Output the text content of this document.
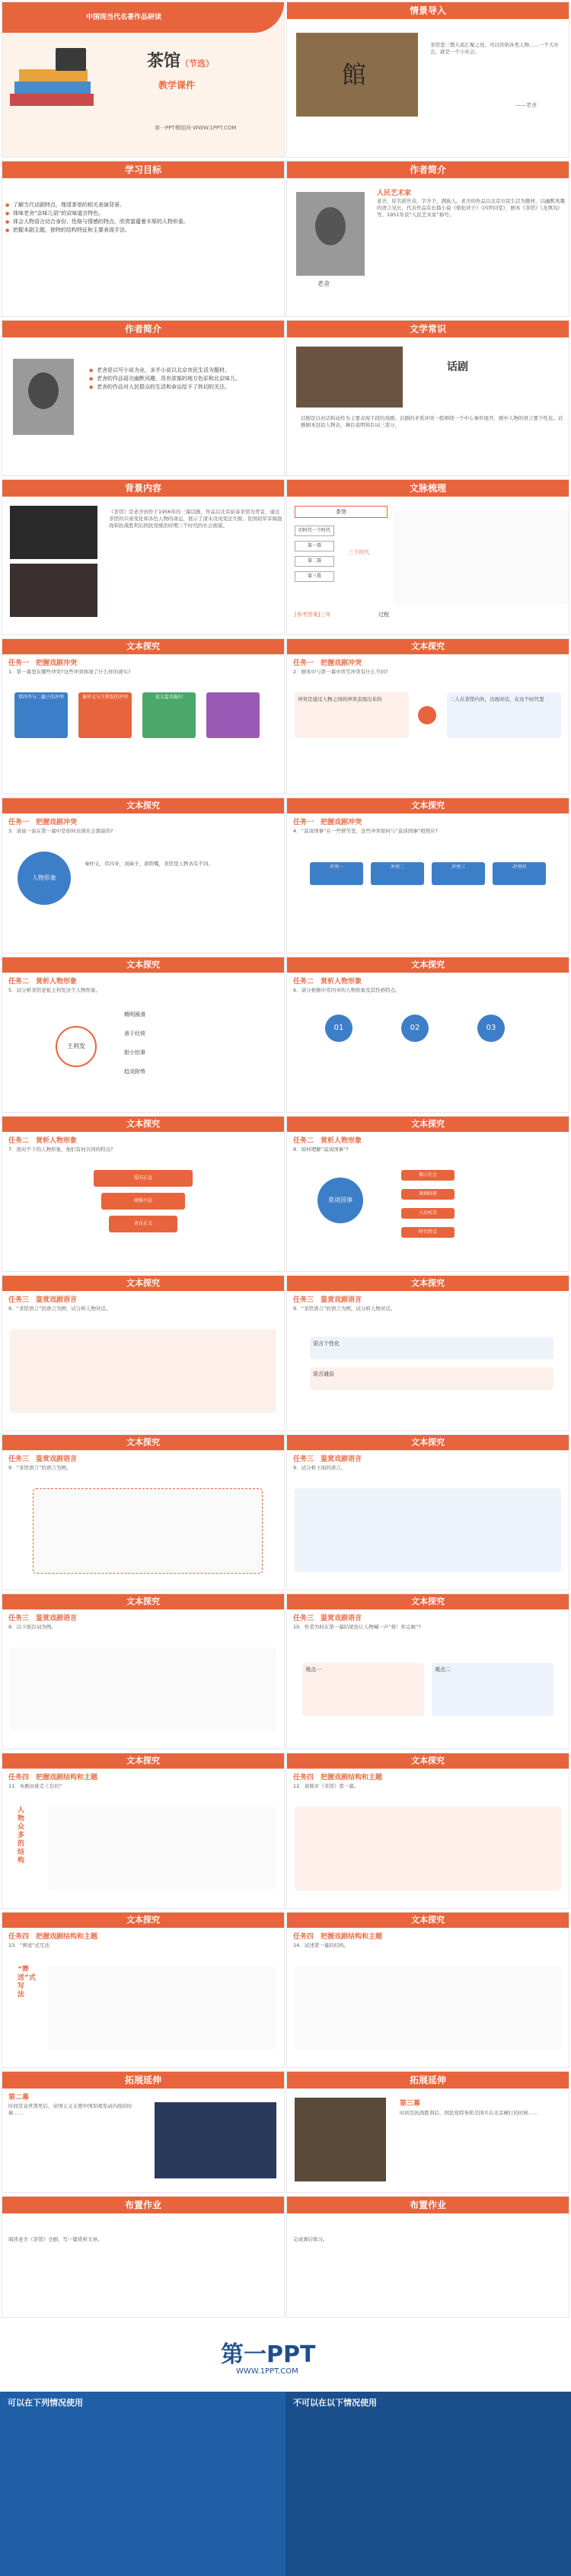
中国现当代名著作品研读
茶馆（节选）
教学课件
第一PPT模版网-WWW.1PPT.COM
情景导入
館
茶馆里三教九流汇聚之处。可以容纳各类人物……一个大社会，就是一个小社会。
——老舍
学习目标
● 了解当代话剧特点，理清茶馆的相关表演背景。
● 体味老舍“京味儿语”的京味道言特色。
● 体会人物语言切合身份、性格与情感的特点，欣赏富蕴着丰厚的人物形象。
● 把握本剧主题，独特的结构特征和主要表现手法。
作者简介
老舍
人民艺术家
老舍，原名舒庆春，字舍予，满族人。老舍的作品以北京市民生活为题材，以幽默风趣的语言见长。代表作品有长篇小说《骆驼祥子》《四世同堂》，剧本《茶馆》《龙须沟》等。1951年获“人民艺术家”称号。
作者简介
● 老舍是以写小说为业，多半小说以北京市民生活为题材。
● 老舍的作品语言幽默风趣，具有浓郁的地方色彩和北京味儿。
● 老舍的作品对人民群众的生活和命运给予了热切的关注。
文学常识
话剧
话剧是以对话和动作为主要表现手段的戏剧。话剧的矛盾冲突一般围绕一个中心事件展开，剧中人物的语言要个性化。话剧剧本包括人物表、舞台说明和台词三部分。
背景内容
《茶馆》是老舍创作于1956年的三幕话剧，作品以北京裕泰茶馆为背景，通过茶馆的兴衰变化和各色人物的命运，展示了清末戊戌变法失败、民国初年军阀混战和抗战胜利后国民党统治时期三个时代的社会面貌。
文脉梳理
茶馆
旧时代一个时代
第一幕
第二幕
第三幕
三个时代
[参考答案]三年	过程
文本探究
任务一　把握戏剧冲突
1．第一幕里在哪些冲突?这些冲突体现了什么样的现实?
常四爷与二德子的冲突	秦仲义与王利发的冲突	庞太监买媳妇
文本探究
任务一　把握戏剧冲突
2．剧本中与第一幕中所写冲突有什么不同?
冲突是通过人物之间的冲突表现出来的	二人在茶馆内外，出现对话，在这个时代里
文本探究
任务一　把握戏剧冲突
3．请说一说在第一幕中是如何表现社会黑暗的?
人物形象
秦仲义，常四爷，刘麻子，唐铁嘴，茶馆里人物各有不同。
文本探究
任务一　把握戏剧冲突
4．“莫谈国事”在一些情节里，这些冲突如何与“莫谈国事”相照应?
冲突一	冲突二	冲突三	冲突四
文本探究
任务二　赏析人物形象
5．试分析茶馆老板王利发这个人物形象。
王利发
精明圆滑
善于经营
胆小怕事
趋炎附势
文本探究
任务二　赏析人物形象
6．请分析剧中常四爷的人物形象及其性格特点。
01	02	03
文本探究
任务二　赏析人物形象
7．面对不下的人物形象，他们有何共同的特点?
爱国正直
刚强不屈
善良正义
文本探究
任务二　赏析人物形象
8．如何理解“莫谈国事”?
莫谈国事
揭示社会
讽刺政府
人民疾苦
时代特点
文本探究
任务三　鉴赏戏剧语言
9．“茶馆语言”的语言为例，试分析人物对话。
文本探究
任务三　鉴赏戏剧语言
9．“茶馆语言”的语言为例，试分析人物对话。
语言个性化
语言通俗
文本探究
任务三　鉴赏戏剧语言
9．“茶馆语言”的语言为例。
文本探究
任务三　鉴赏戏剧语言
9．试分析下面的语言。
文本探究
任务三　鉴赏戏剧语言
9．以下面台词为例。
文本探究
任务三　鉴赏戏剧语言
10．作者为何在第一幕结尾处让人物喊一声“将！你完啦”?
观点一	观点二
文本探究
任务四　把握戏剧结构和主题
11．本剧由谁走上台的？
人物众多的结构
文本探究
任务四　把握戏剧结构和主题
12．请简评《茶馆》第一幕。
文本探究
任务四　把握戏剧结构和主题
13．“葬送”式写法
“葬送”式写法
文本探究
任务四　把握戏剧结构和主题
14．试述第一幕的结构。
拓展延伸
第二幕
时间是袁世凯死后，帝国主义支使中国军阀发动内战的时候……
拓展延伸
第三幕
时间是抗战胜利后，国民党特务和美国兵在北京横行的时候……
布置作业
阅读老舍《茶馆》全剧，写一篇赏析文章。
布置作业
完成课后练习。
第一PPT
WWW.1PPT.COM
可以在下列情况使用	不可以在以下情况使用
